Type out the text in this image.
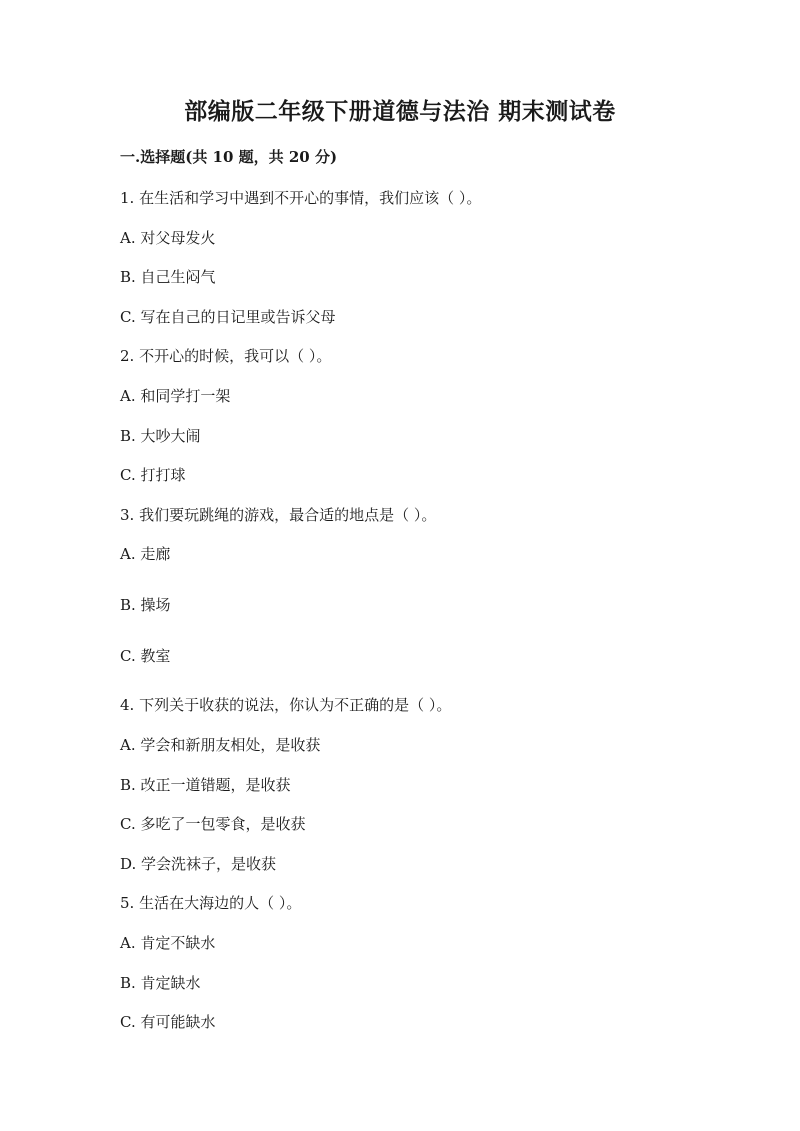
部编版二年级下册道德与法治 期末测试卷
一.选择题(共 10 题，共 20 分)
1. 在生活和学习中遇到不开心的事情，我们应该（ ）。
A. 对父母发火
B. 自己生闷气
C. 写在自己的日记里或告诉父母
2. 不开心的时候，我可以（ ）。
A. 和同学打一架
B. 大吵大闹
C. 打打球
3. 我们要玩跳绳的游戏，最合适的地点是（ ）。
A. 走廊
B. 操场
C. 教室
4. 下列关于收获的说法，你认为不正确的是（ ）。
A. 学会和新朋友相处，是收获
B. 改正一道错题，是收获
C. 多吃了一包零食，是收获
D. 学会洗袜子，是收获
5. 生活在大海边的人（ ）。
A. 肯定不缺水
B. 肯定缺水
C. 有可能缺水
